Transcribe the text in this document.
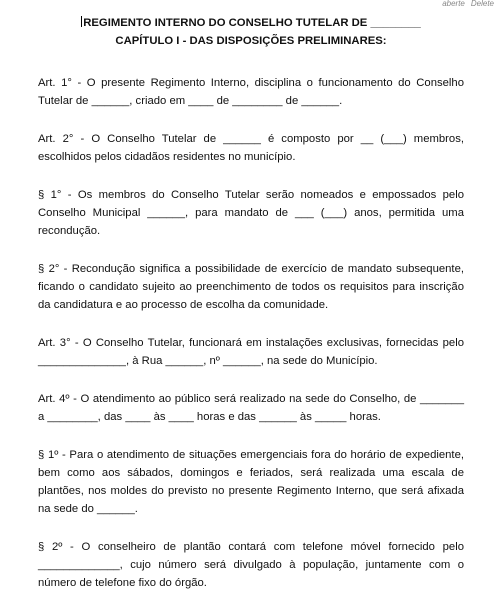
aberte Delete

REGIMENTO INTERNO DO CONSELHO TUTELAR DE ________

CAPÍTULO I - DAS DISPOSIÇÕES PRELIMINARES:

Art. 1° - O presente Regimento Interno, disciplina o funcionamento do Conselho Tutelar de ______, criado em ____ de ________ de ______.

Art. 2° - O Conselho Tutelar de ______ é composto por __ (___) membros, escolhidos pelos cidadãos residentes no município.

§ 1° - Os membros do Conselho Tutelar serão nomeados e empossados pelo Conselho Municipal ______, para mandato de ___ (___) anos, permitida uma recondução.

§ 2° - Recondução significa a possibilidade de exercício de mandato subsequente, ficando o candidato sujeito ao preenchimento de todos os requisitos para inscrição da candidatura e ao processo de escolha da comunidade.

Art. 3° - O Conselho Tutelar, funcionará em instalações exclusivas, fornecidas pelo ______________, à Rua ______, nº ______, na sede do Município.

Art. 4º - O atendimento ao público será realizado na sede do Conselho, de _______ a ________, das ____ às ____ horas e das ______ às _____ horas.

§ 1º - Para o atendimento de situações emergenciais fora do horário de expediente, bem como aos sábados, domingos e feriados, será realizada uma escala de plantões, nos moldes do previsto no presente Regimento Interno, que será afixada na sede do ______.

§ 2º - O conselheiro de plantão contará com telefone móvel fornecido pelo _____________, cujo número será divulgado à população, juntamente com o número de telefone fixo do órgão.
